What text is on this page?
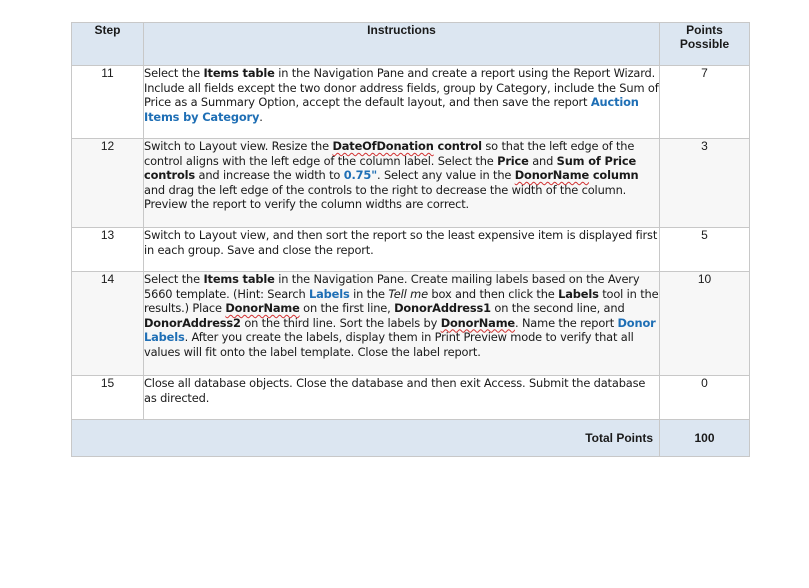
Step	Instructions	Points
Possible

11	Select the Items table in the Navigation Pane and create a report using the Report Wizard. Include all fields except the two donor address fields, group by Category, include the Sum of Price as a Summary Option, accept the default layout, and then save the report Auction Items by Category.	7
12	Switch to Layout view. Resize the DateOfDonation control so that the left edge of the control aligns with the left edge of the column label. Select the Price and Sum of Price controls and increase the width to 0.75". Select any value in the DonorName column and drag the left edge of the controls to the right to decrease the width of the column. Preview the report to verify the column widths are correct.	3
13	Switch to Layout view, and then sort the report so the least expensive item is displayed first in each group. Save and close the report.	5
14	Select the Items table in the Navigation Pane. Create mailing labels based on the Avery 5660 template. (Hint: Search Labels in the Tell me box and then click the Labels tool in the results.) Place DonorName on the first line, DonorAddress1 on the second line, and DonorAddress2 on the third line. Sort the labels by DonorName. Name the report Donor Labels. After you create the labels, display them in Print Preview mode to verify that all values will fit onto the label template. Close the label report.	10
15	Close all database objects. Close the database and then exit Access. Submit the database as directed.	0
Total Points		100
